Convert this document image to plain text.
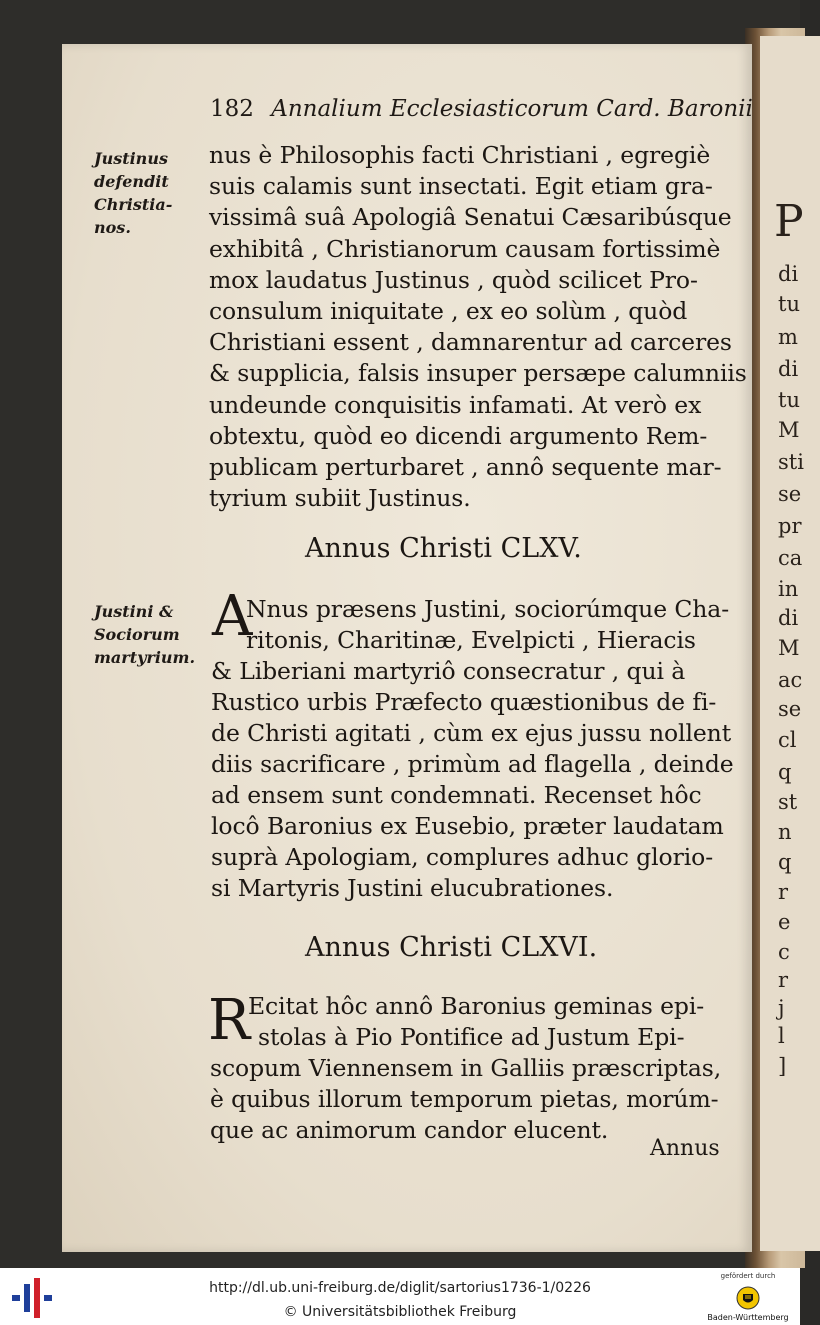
P
di
tu
m
di
tu
M
sti
se
pr
ca
in
di
M
ac
se
cl
q
st
n
q
r
e
c
r
j
l
]
182 Annalium Ecclesiasticorum Card. Baronii
Justinus
defendit
Christia-
nos.
Justini &
Sociorum
martyrium.
nus è Philosophis facti Christiani , egregiè
suis calamis sunt insectati. Egit etiam gra-
vissimâ suâ Apologiâ Senatui Cæsaribúsque
exhibitâ , Christianorum causam fortissimè
mox laudatus Justinus , quòd scilicet Pro-
consulum iniquitate , ex eo solùm , quòd
Christiani essent , damnarentur ad carceres
& supplicia, falsis insuper persæpe calumniis
undeunde conquisitis infamati. At verò ex
obtextu, quòd eo dicendi argumento Rem-
publicam perturbaret , annô sequente mar-
tyrium subiit Justinus.
Annus Christi CLXV.
A
Nnus præsens Justini, sociorúmque Cha-
ritonis, Charitinæ, Evelpicti , Hieracis
& Liberiani martyriô consecratur , qui à
Rustico urbis Præfecto quæstionibus de fi-
de Christi agitati , cùm ex ejus jussu nollent
diis sacrificare , primùm ad flagella , deinde
ad ensem sunt condemnati. Recenset hôc
locô Baronius ex Eusebio, præter laudatam
suprà Apologiam, complures adhuc glorio-
si Martyris Justini elucubrationes.
Annus Christi CLXVI.
R
Ecitat hôc annô Baronius geminas epi-
stolas à Pio Pontifice ad Justum Epi-
scopum Viennensem in Galliis præscriptas,
è quibus illorum temporum pietas, morúm-
que ac animorum candor elucent.
Annus
http://dl.ub.uni-freiburg.de/diglit/sartorius1736-1/0226
© Universitätsbibliothek Freiburg
gefördert durch
Baden-Württemberg
